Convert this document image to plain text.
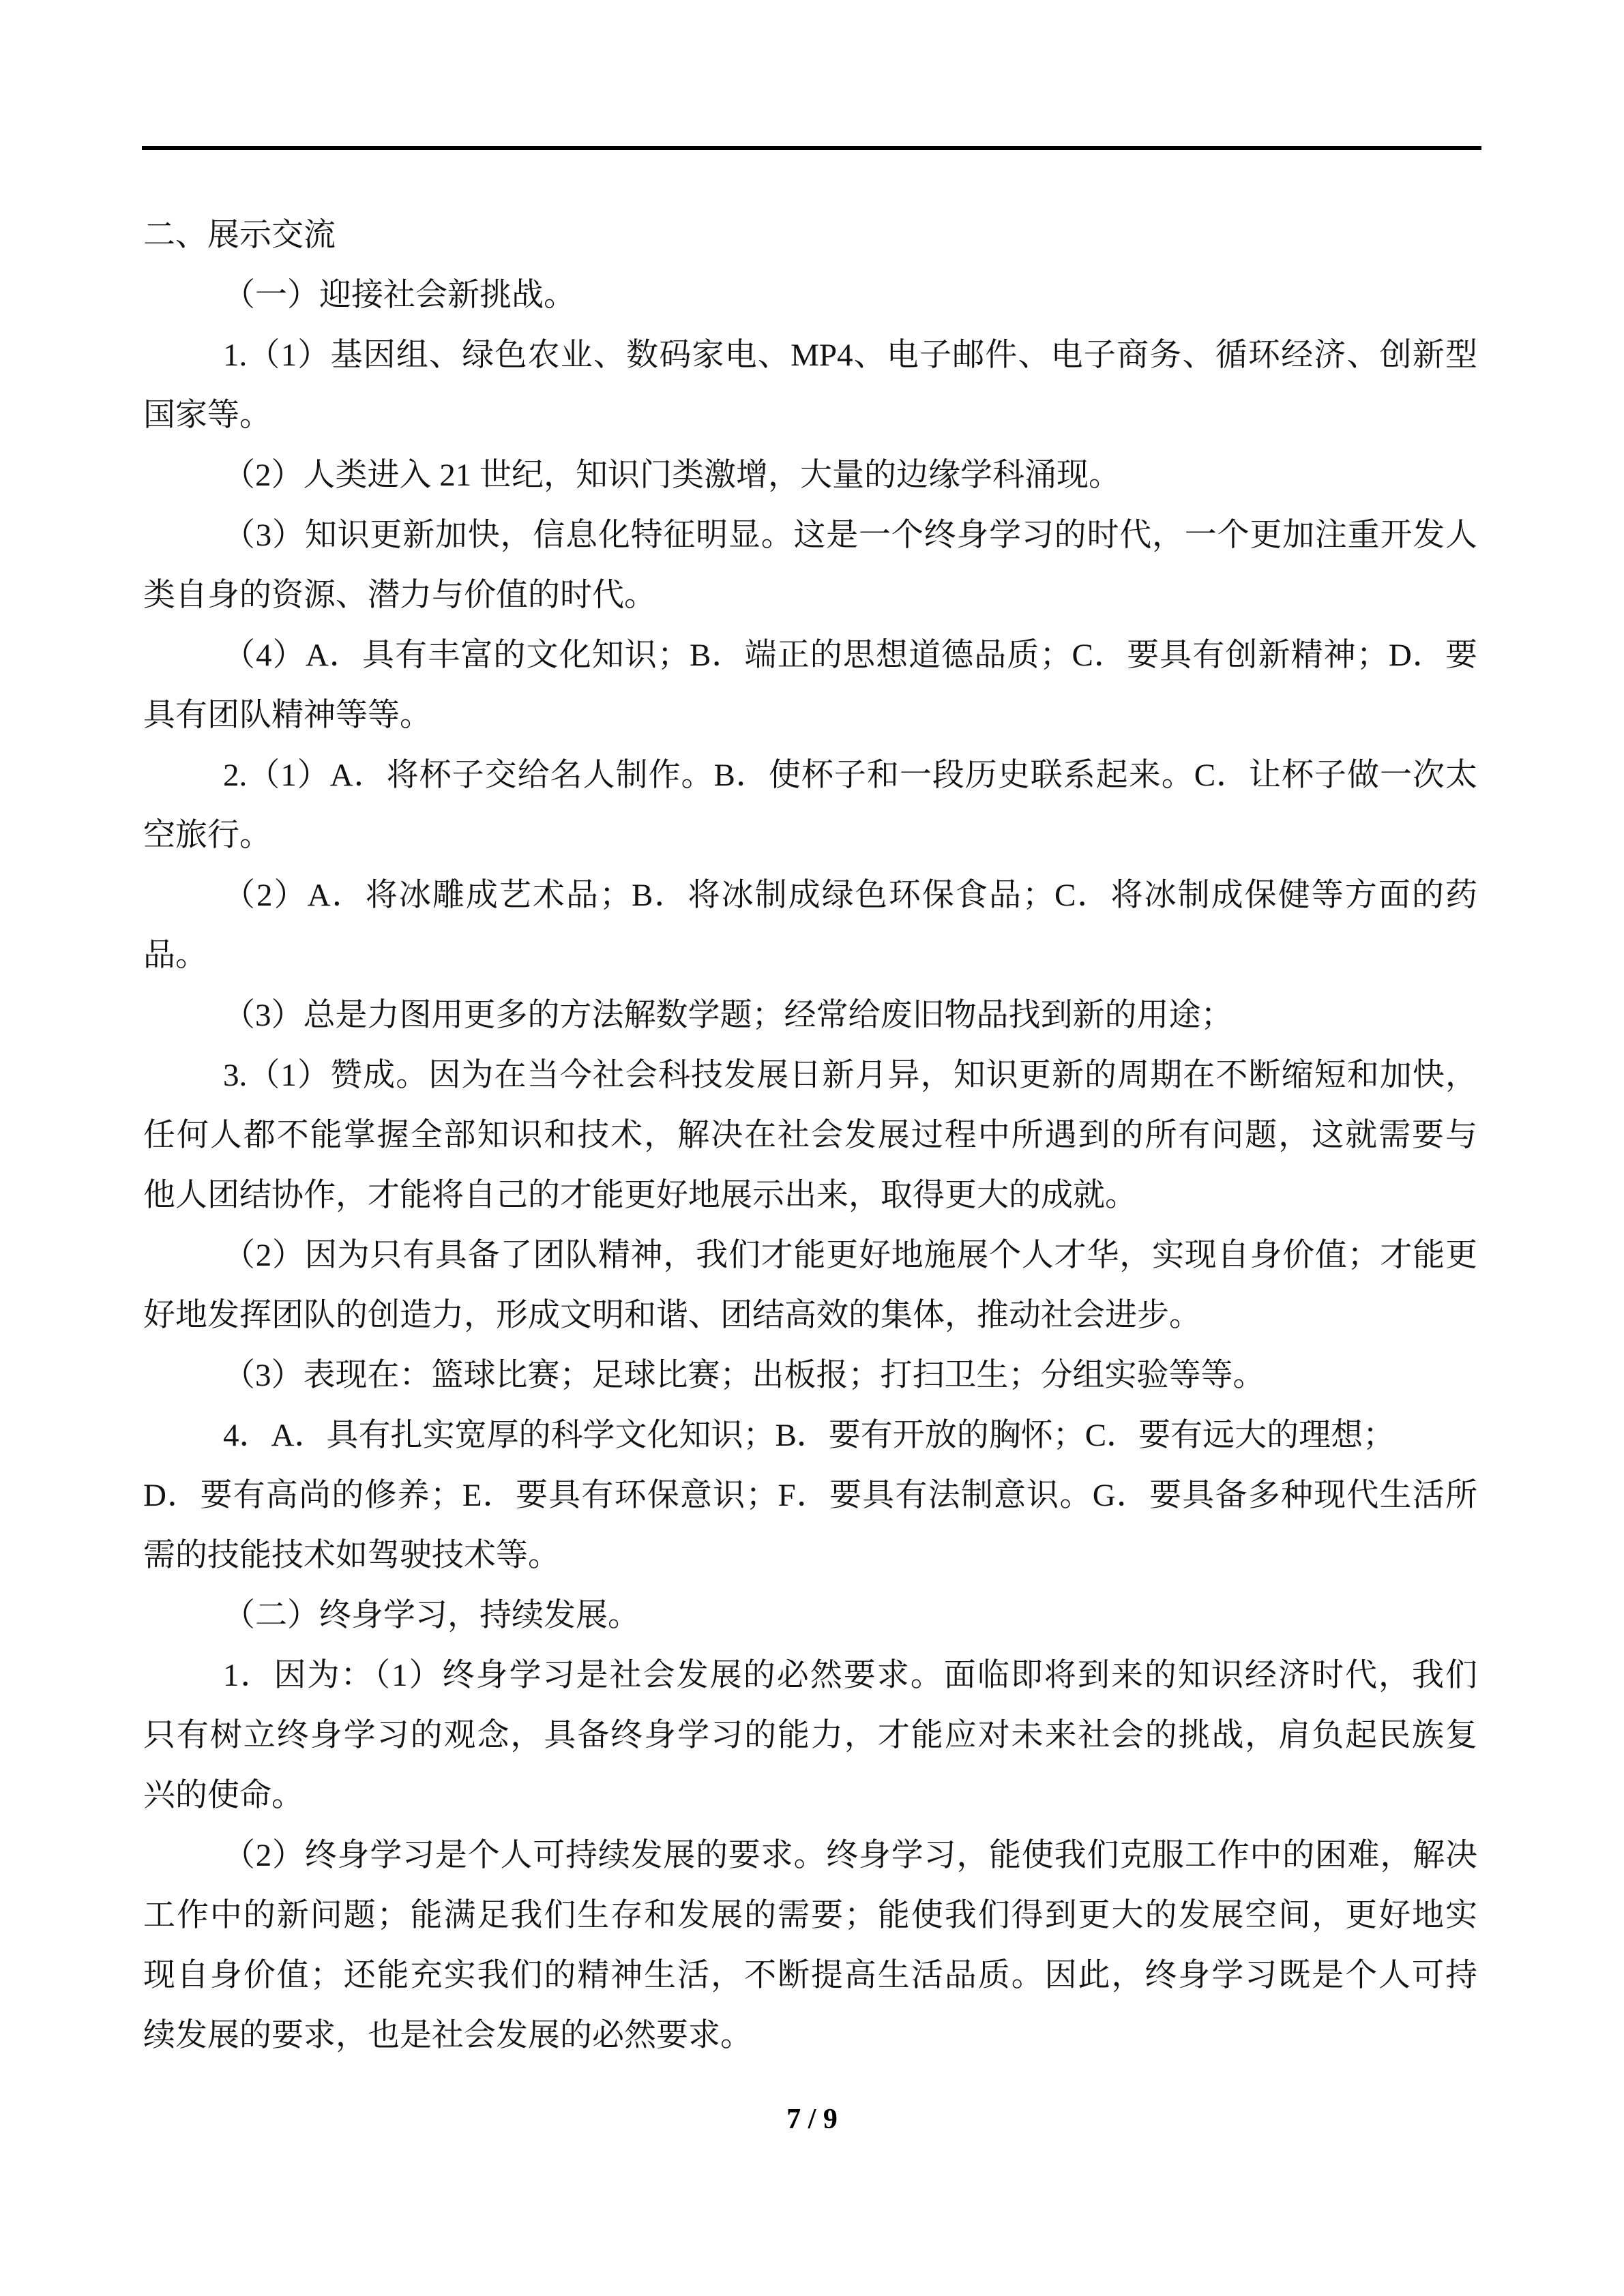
二、展示交流
（一）迎接社会新挑战。
1.（1）基因组、绿色农业、数码家电、MP4、电子邮件、电子商务、循环经济、创新型
国家等。
（2）人类进入 21 世纪，知识门类激增，大量的边缘学科涌现。
（3）知识更新加快，信息化特征明显。这是一个终身学习的时代，一个更加注重开发人
类自身的资源、潜力与价值的时代。
（4）A．具有丰富的文化知识；B．端正的思想道德品质；C．要具有创新精神；D．要
具有团队精神等等。
2.（1）A．将杯子交给名人制作。B．使杯子和一段历史联系起来。C．让杯子做一次太
空旅行。
（2）A．将冰雕成艺术品；B．将冰制成绿色环保食品；C．将冰制成保健等方面的药
品。
（3）总是力图用更多的方法解数学题；经常给废旧物品找到新的用途；
3.（1）赞成。因为在当今社会科技发展日新月异，知识更新的周期在不断缩短和加快，
任何人都不能掌握全部知识和技术，解决在社会发展过程中所遇到的所有问题，这就需要与
他人团结协作，才能将自己的才能更好地展示出来，取得更大的成就。
（2）因为只有具备了团队精神，我们才能更好地施展个人才华，实现自身价值；才能更
好地发挥团队的创造力，形成文明和谐、团结高效的集体，推动社会进步。
（3）表现在：篮球比赛；足球比赛；出板报；打扫卫生；分组实验等等。
4．A．具有扎实宽厚的科学文化知识；B．要有开放的胸怀；C．要有远大的理想；
D．要有高尚的修养；E．要具有环保意识；F．要具有法制意识。G．要具备多种现代生活所
需的技能技术如驾驶技术等。
（二）终身学习，持续发展。
1．因为：（1）终身学习是社会发展的必然要求。面临即将到来的知识经济时代，我们
只有树立终身学习的观念，具备终身学习的能力，才能应对未来社会的挑战，肩负起民族复
兴的使命。
（2）终身学习是个人可持续发展的要求。终身学习，能使我们克服工作中的困难，解决
工作中的新问题；能满足我们生存和发展的需要；能使我们得到更大的发展空间，更好地实
现自身价值；还能充实我们的精神生活，不断提高生活品质。因此，终身学习既是个人可持
续发展的要求，也是社会发展的必然要求。
7 / 9
